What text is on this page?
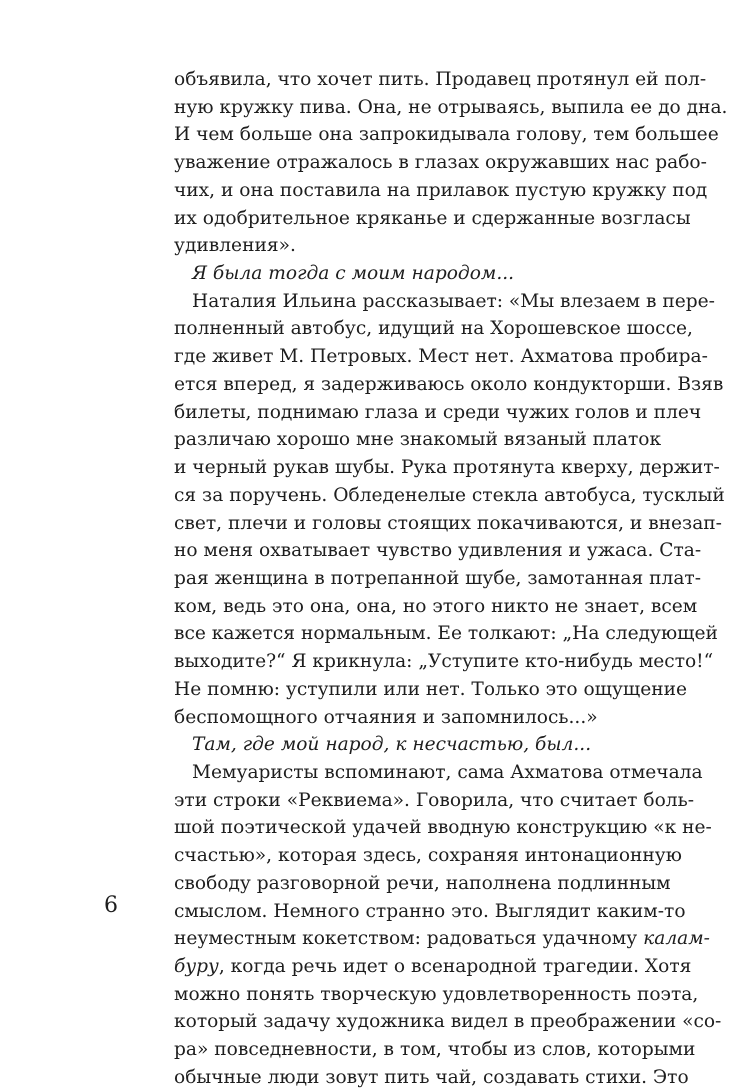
объявила, что хочет пить. Продавец протянул ей пол-
ную кружку пива. Она, не отрываясь, выпила ее до дна.
И чем больше она запрокидывала голову, тем большее
уважение отражалось в глазах окружавших нас рабо-
чих, и она поставила на прилавок пустую кружку под
их одобрительное кряканье и сдержанные возгласы
удивления».
Я была тогда с моим народом...
Наталия Ильина рассказывает: «Мы влезаем в пере-
полненный автобус, идущий на Хорошевское шоссе,
где живет М. Петровых. Мест нет. Ахматова пробира-
ется вперед, я задерживаюсь около кондукторши. Взяв
билеты, поднимаю глаза и среди чужих голов и плеч
различаю хорошо мне знакомый вязаный платок
и черный рукав шубы. Рука протянута кверху, держит-
ся за поручень. Обледенелые стекла автобуса, тусклый
свет, плечи и головы стоящих покачиваются, и внезап-
но меня охватывает чувство удивления и ужаса. Ста-
рая женщина в потрепанной шубе, замотанная плат-
ком, ведь это она, она, но этого никто не знает, всем
все кажется нормальным. Ее толкают: „На следующей
выходите?“ Я крикнула: „Уступите кто-нибудь место!“
Не помню: уступили или нет. Только это ощущение
беспомощного отчаяния и запомнилось...»
Там, где мой народ, к несчастью, был...
Мемуаристы вспоминают, сама Ахматова отмечала
эти строки «Реквиема». Говорила, что считает боль-
шой поэтической удачей вводную конструкцию «к не-
счастью», которая здесь, сохраняя интонационную
свободу разговорной речи, наполнена подлинным
смыслом. Немного странно это. Выглядит каким-то
неуместным кокетством: радоваться удачному калам-
буру, когда речь идет о всенародной трагедии. Хотя
можно понять творческую удовлетворенность поэта,
который задачу художника видел в преображении «со-
ра» повседневности, в том, чтобы из слов, которыми
обычные люди зовут пить чай, создавать стихи. Это
6
